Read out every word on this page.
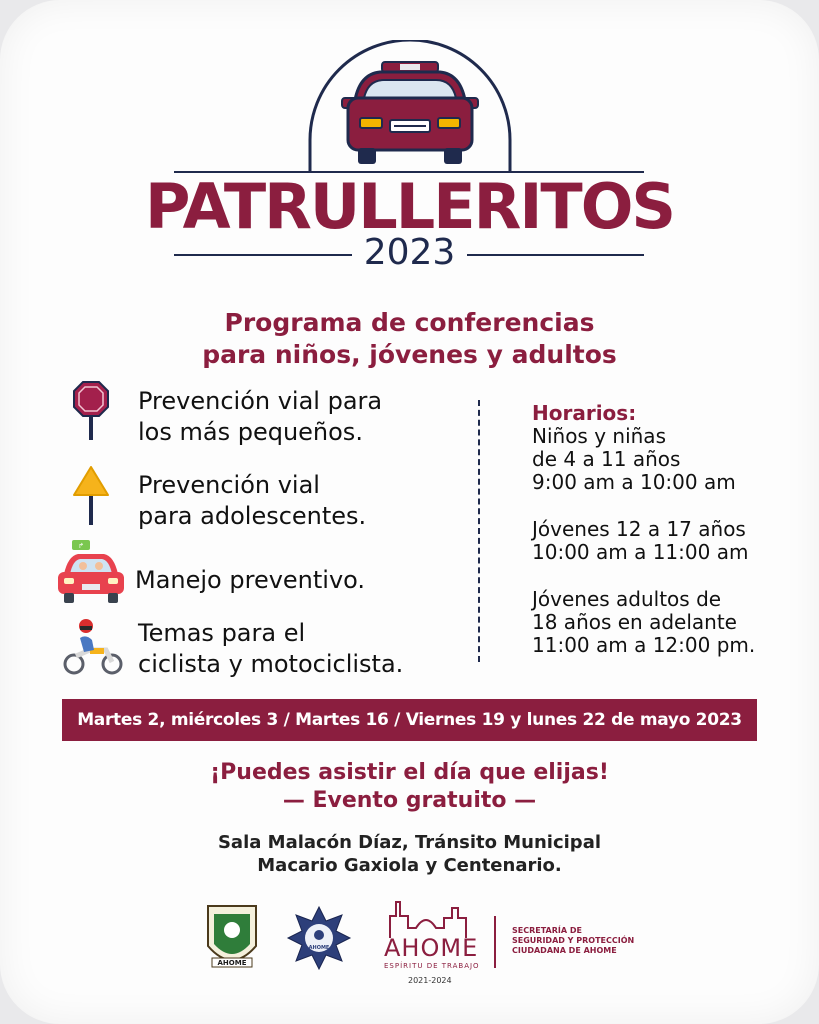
PATRULLERITOS
2023
Programa de conferencias
para niños, jóvenes y adultos
↱
Prevención vial para
los más pequeños.
Prevención vial
para adolescentes.
Manejo preventivo.
Temas para el
ciclista y motociclista.
Horarios:
Niños y niñas
de 4 a 11 años
9:00 am a 10:00 am
Jóvenes 12 a 17 años
10:00 am a 11:00 am
Jóvenes adultos de
18 años en adelante
11:00 am a 12:00 pm.
Martes 2, miércoles 3 / Martes 16 / Viernes 19 y lunes 22 de mayo 2023
¡Puedes asistir el día que elijas!
— Evento gratuito —
Sala Malacón Díaz, Tránsito Municipal
Macario Gaxiola y Centenario.
AHOME
AHOME AHOME
ESPÍRITU DE TRABAJO
2021-2024
SECRETARÍA DE
SEGURIDAD Y PROTECCIÓN
CIUDADANA DE AHOME
